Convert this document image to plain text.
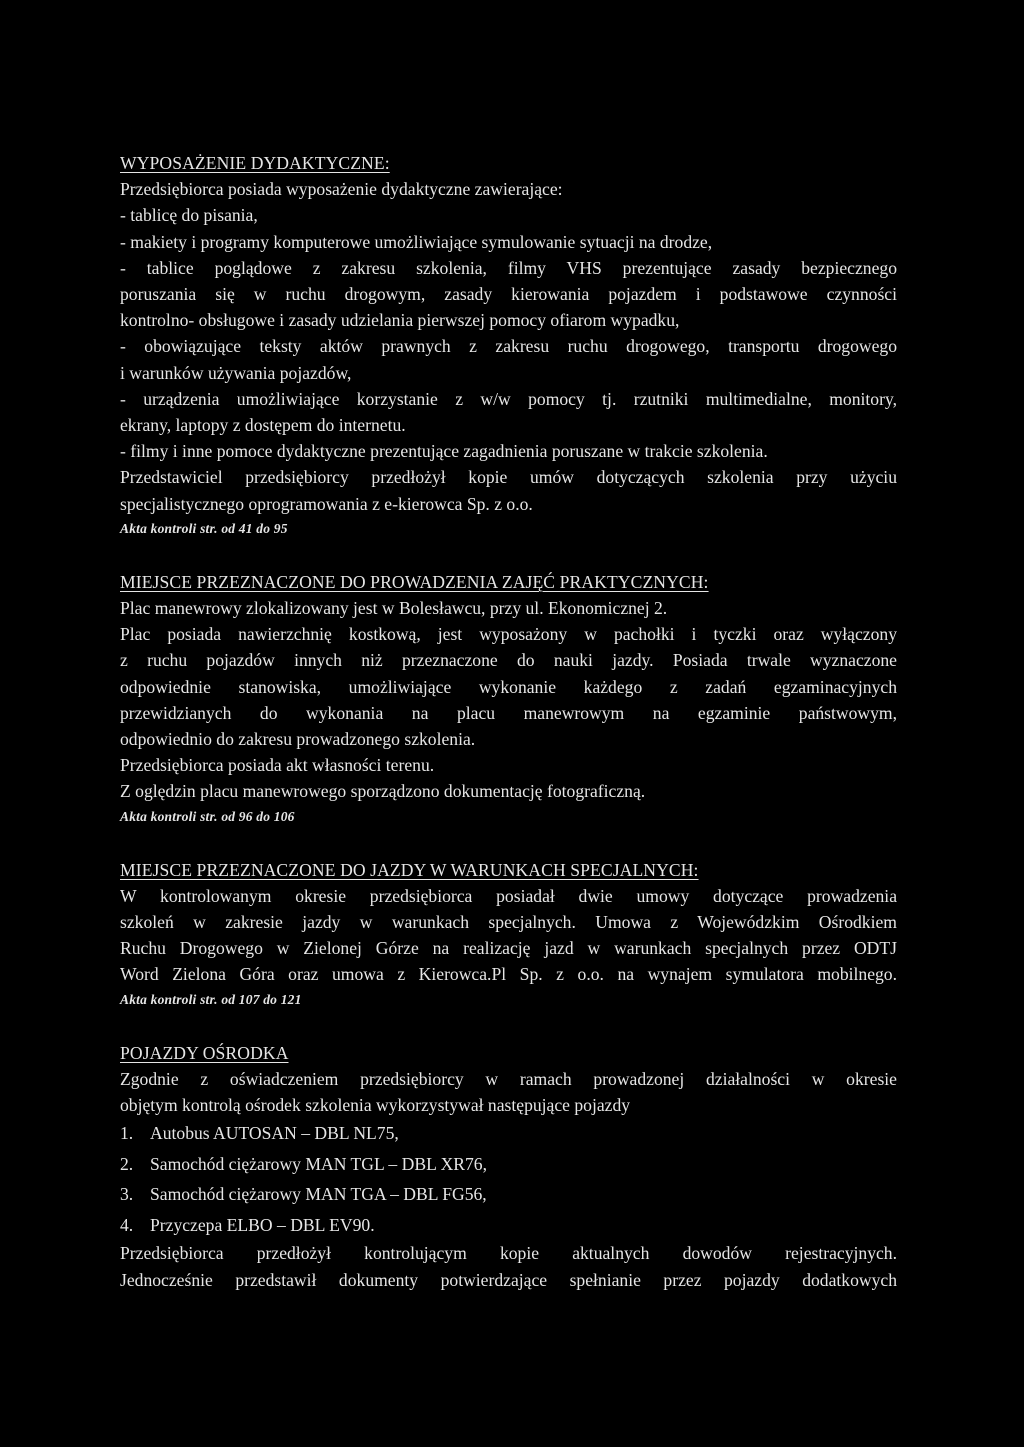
WYPOSAŻENIE DYDAKTYCZNE:
Przedsiębiorca posiada wyposażenie dydaktyczne zawierające:
- tablicę do pisania,
- makiety i programy komputerowe umożliwiające symulowanie sytuacji na drodze,
- tablice poglądowe z zakresu szkolenia, filmy VHS prezentujące zasady bezpiecznego
poruszania się w ruchu drogowym, zasady kierowania pojazdem i podstawowe czynności
kontrolno- obsługowe i zasady udzielania pierwszej pomocy ofiarom wypadku,
- obowiązujące teksty aktów prawnych z zakresu ruchu drogowego, transportu drogowego
i warunków używania pojazdów,
- urządzenia umożliwiające korzystanie z w/w pomocy tj. rzutniki multimedialne, monitory,
ekrany, laptopy z dostępem do internetu.
- filmy i inne pomoce dydaktyczne prezentujące zagadnienia poruszane w trakcie szkolenia.
Przedstawiciel przedsiębiorcy przedłożył kopie umów dotyczących szkolenia przy użyciu
specjalistycznego oprogramowania z e-kierowca Sp. z o.o.
Akta kontroli str. od 41 do 95
MIEJSCE PRZEZNACZONE DO PROWADZENIA ZAJĘĆ PRAKTYCZNYCH:
Plac manewrowy zlokalizowany jest w Bolesławcu, przy ul. Ekonomicznej 2.
Plac posiada nawierzchnię kostkową, jest wyposażony w pachołki i tyczki oraz wyłączony
z ruchu pojazdów innych niż przeznaczone do nauki jazdy. Posiada trwale wyznaczone
odpowiednie stanowiska, umożliwiające wykonanie każdego z zadań egzaminacyjnych
przewidzianych do wykonania na placu manewrowym na egzaminie państwowym,
odpowiednio do zakresu prowadzonego szkolenia.
Przedsiębiorca posiada akt własności terenu.
Z oględzin placu manewrowego sporządzono dokumentację fotograficzną.
Akta kontroli str. od 96 do 106
MIEJSCE PRZEZNACZONE DO JAZDY W WARUNKACH SPECJALNYCH:
W kontrolowanym okresie przedsiębiorca posiadał dwie umowy dotyczące prowadzenia
szkoleń w zakresie jazdy w warunkach specjalnych. Umowa z Wojewódzkim Ośrodkiem
Ruchu Drogowego w Zielonej Górze na realizację jazd w warunkach specjalnych przez ODTJ
Word Zielona Góra oraz umowa z Kierowca.Pl Sp. z o.o. na wynajem symulatora mobilnego.
Akta kontroli str. od 107 do 121
POJAZDY OŚRODKA
Zgodnie z oświadczeniem przedsiębiorcy w ramach prowadzonej działalności w okresie
objętym kontrolą ośrodek szkolenia wykorzystywał następujące pojazdy
1. Autobus AUTOSAN – DBL NL75,
2. Samochód ciężarowy MAN TGL – DBL XR76,
3. Samochód ciężarowy MAN TGA – DBL FG56,
4. Przyczepa ELBO – DBL EV90.
Przedsiębiorca przedłożył kontrolującym kopie aktualnych dowodów rejestracyjnych.
Jednocześnie przedstawił dokumenty potwierdzające spełnianie przez pojazdy dodatkowych
